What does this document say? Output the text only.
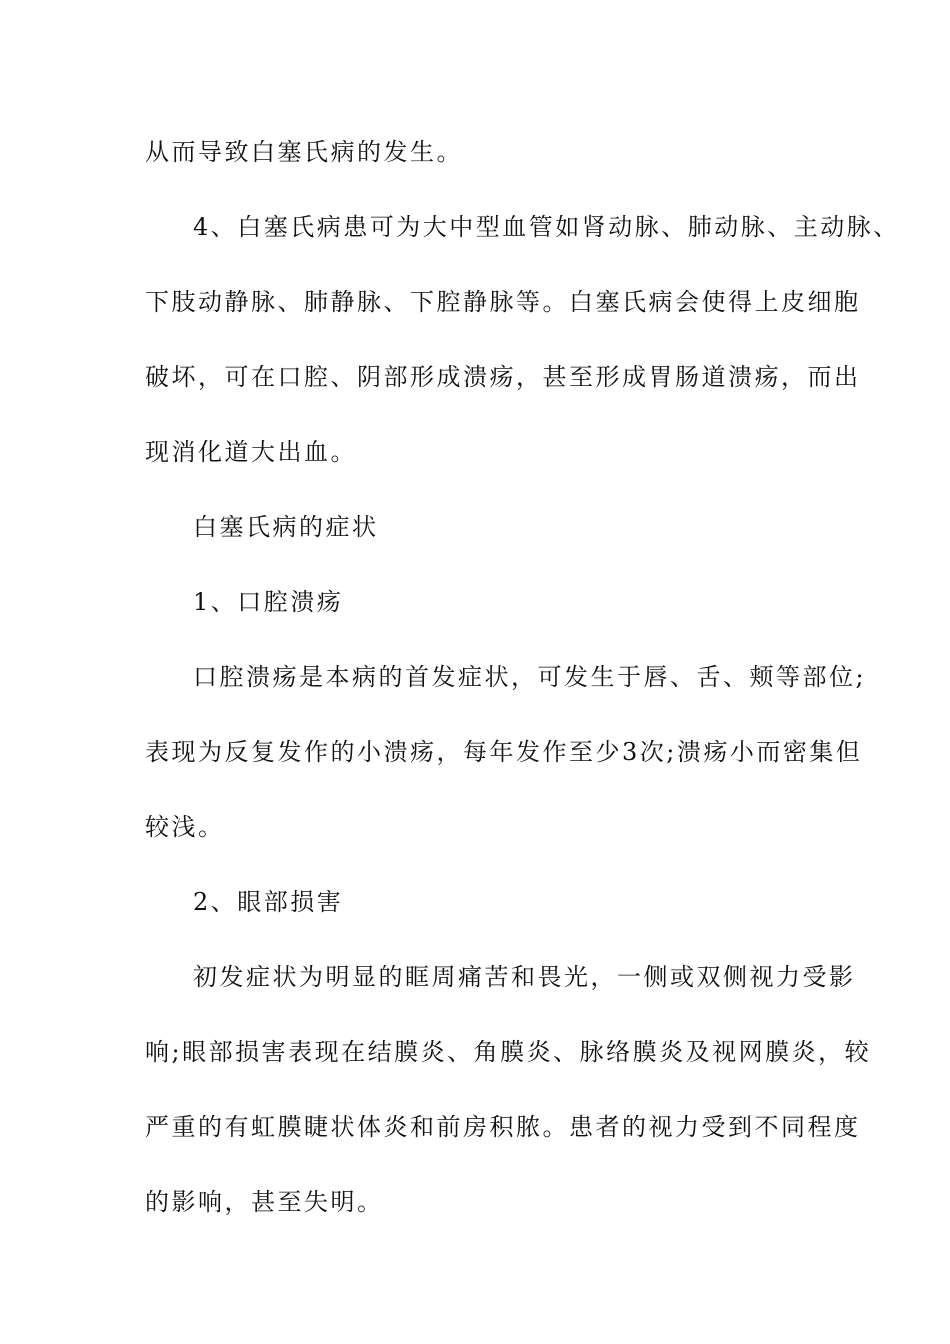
从而导致白塞氏病的发生。
4、白塞氏病患可为大中型血管如肾动脉、肺动脉、主动脉、
下肢动静脉、肺静脉、下腔静脉等。白塞氏病会使得上皮细胞
破坏，可在口腔、阴部形成溃疡，甚至形成胃肠道溃疡，而出
现消化道大出血。
白塞氏病的症状
1、口腔溃疡
口腔溃疡是本病的首发症状，可发生于唇、舌、颊等部位;
表现为反复发作的小溃疡，每年发作至少3次;溃疡小而密集但
较浅。
2、眼部损害
初发症状为明显的眶周痛苦和畏光，一侧或双侧视力受影
响;眼部损害表现在结膜炎、角膜炎、脉络膜炎及视网膜炎，较
严重的有虹膜睫状体炎和前房积脓。患者的视力受到不同程度
的影响，甚至失明。
